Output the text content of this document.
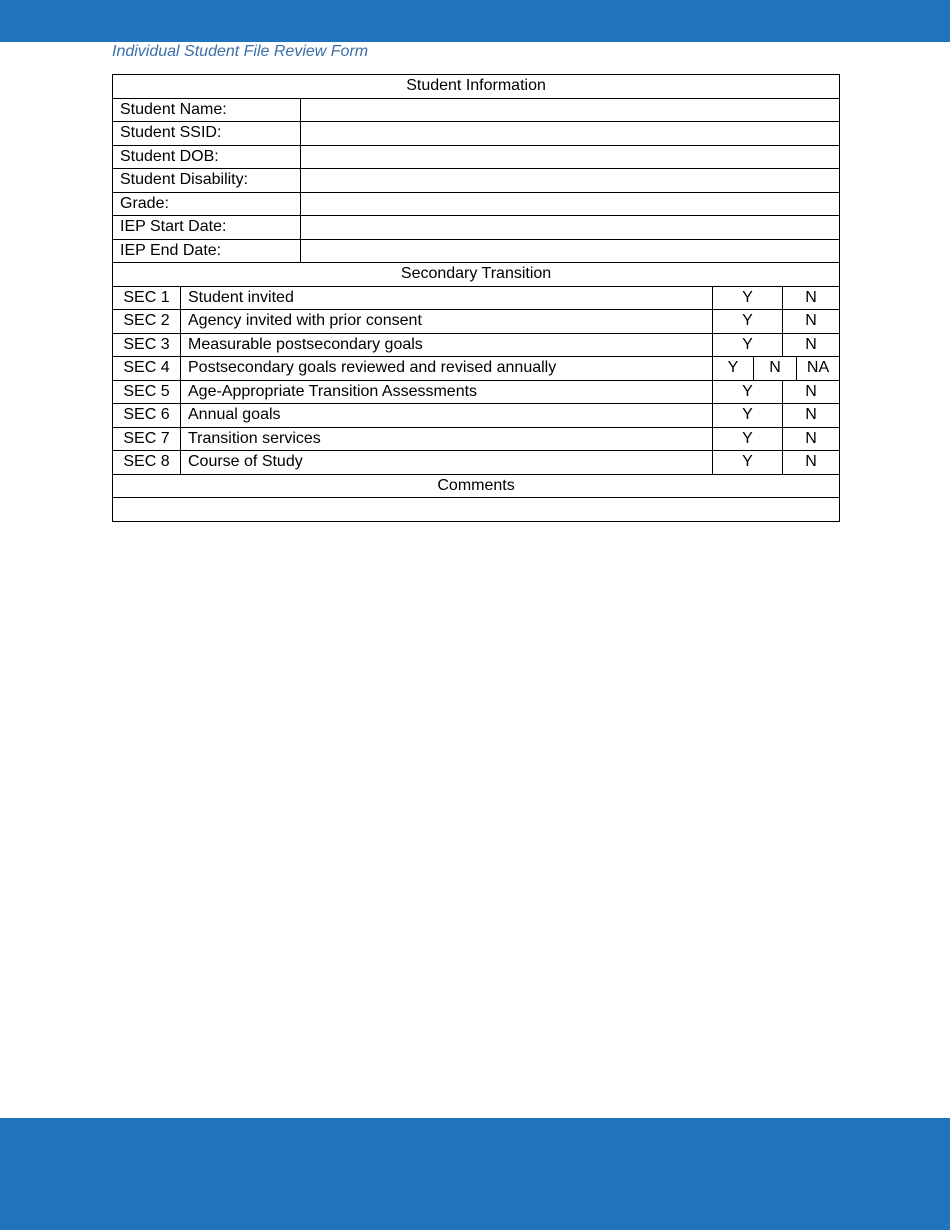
Individual Student File Review Form
Student Information						
Student Name:						
Student SSID:						
Student DOB:						
Student Disability:						
Grade:						
IEP Start Date:						
IEP End Date:						
Secondary Transition						
SEC 1	Student invited		Y		N	
SEC 2	Agency invited with prior consent		Y		N	
SEC 3	Measurable postsecondary goals		Y		N	
SEC 4	Postsecondary goals reviewed and revised annually		Y	N		NA
SEC 5	Age-Appropriate Transition Assessments		Y		N	
SEC 6	Annual goals		Y		N	
SEC 7	Transition services		Y		N	
SEC 8	Course of Study		Y		N	
Comments						
